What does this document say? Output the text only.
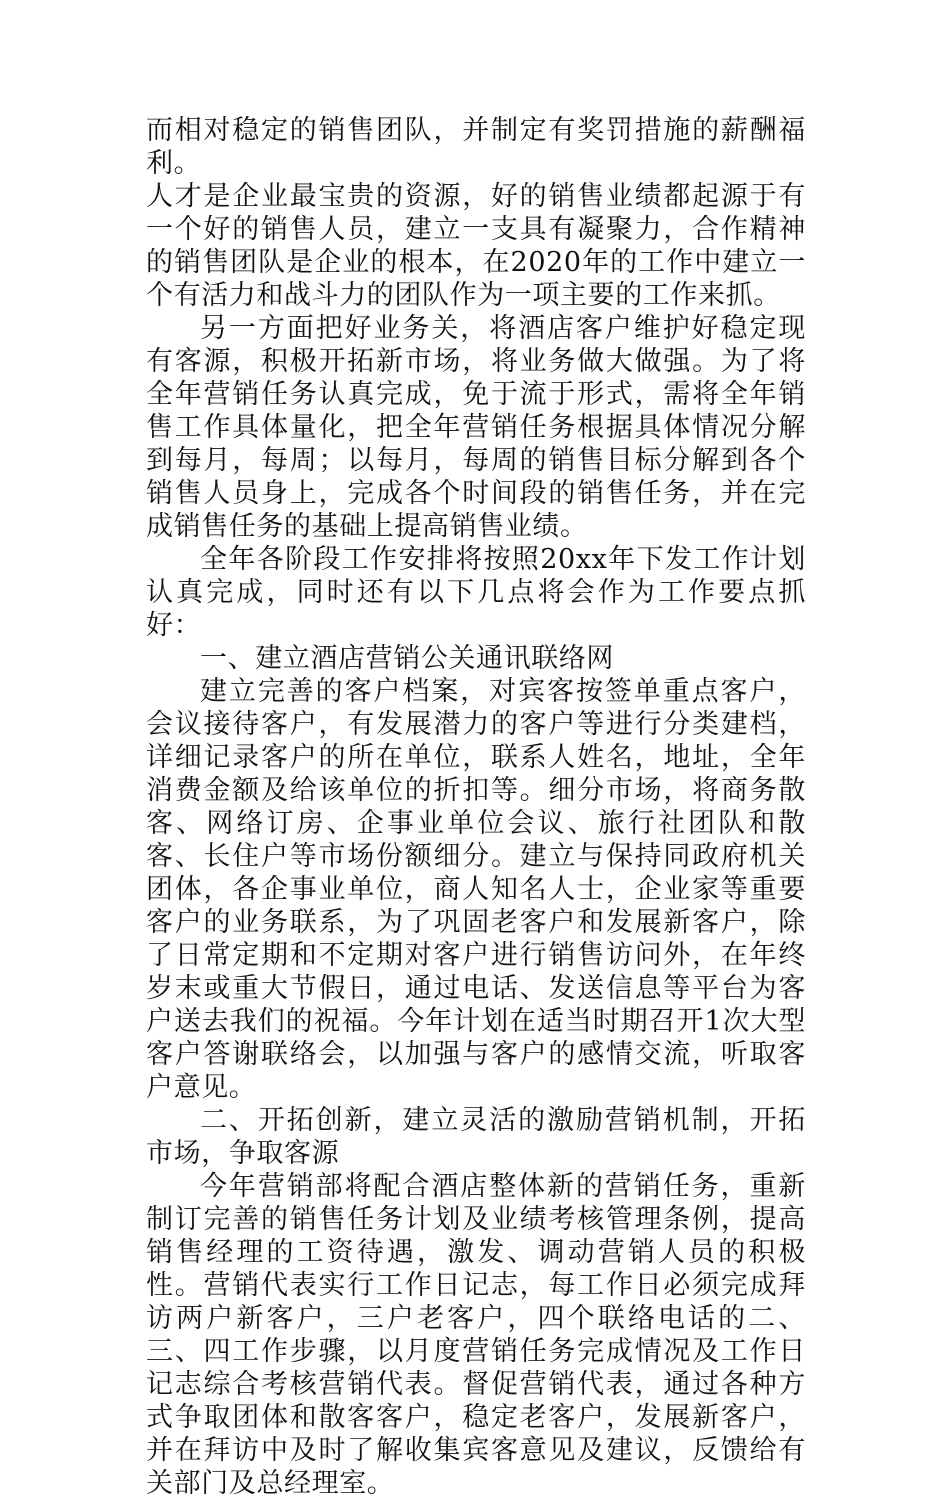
而相对稳定的销售团队，并制定有奖罚措施的薪酬福利。

人才是企业最宝贵的资源，好的销售业绩都起源于有一个好的销售人员，建立一支具有凝聚力，合作精神的销售团队是企业的根本，在2020年的工作中建立一个有活力和战斗力的团队作为一项主要的工作来抓。

另一方面把好业务关，将酒店客户维护好稳定现有客源，积极开拓新市场，将业务做大做强。为了将全年营销任务认真完成，免于流于形式，需将全年销售工作具体量化，把全年营销任务根据具体情况分解到每月，每周；以每月，每周的销售目标分解到各个销售人员身上，完成各个时间段的销售任务，并在完成销售任务的基础上提高销售业绩。

全年各阶段工作安排将按照20xx年下发工作计划认真完成，同时还有以下几点将会作为工作要点抓好：

一、建立酒店营销公关通讯联络网

建立完善的客户档案，对宾客按签单重点客户，会议接待客户，有发展潜力的客户等进行分类建档，详细记录客户的所在单位，联系人姓名，地址，全年消费金额及给该单位的折扣等。细分市场，将商务散客、网络订房、企事业单位会议、旅行社团队和散客、长住户等市场份额细分。建立与保持同政府机关团体，各企事业单位，商人知名人士，企业家等重要客户的业务联系，为了巩固老客户和发展新客户，除了日常定期和不定期对客户进行销售访问外，在年终岁末或重大节假日，通过电话、发送信息等平台为客户送去我们的祝福。今年计划在适当时期召开1次大型客户答谢联络会，以加强与客户的感情交流，听取客户意见。

二、开拓创新，建立灵活的激励营销机制，开拓市场，争取客源

今年营销部将配合酒店整体新的营销任务，重新制订完善的销售任务计划及业绩考核管理条例，提高销售经理的工资待遇，激发、调动营销人员的积极性。营销代表实行工作日记志，每工作日必须完成拜访两户新客户，三户老客户，四个联络电话的二、三、四工作步骤，以月度营销任务完成情况及工作日记志综合考核营销代表。督促营销代表，通过各种方式争取团体和散客客户，稳定老客户，发展新客户，并在拜访中及时了解收集宾客意见及建议，反馈给有关部门及总经理室。
